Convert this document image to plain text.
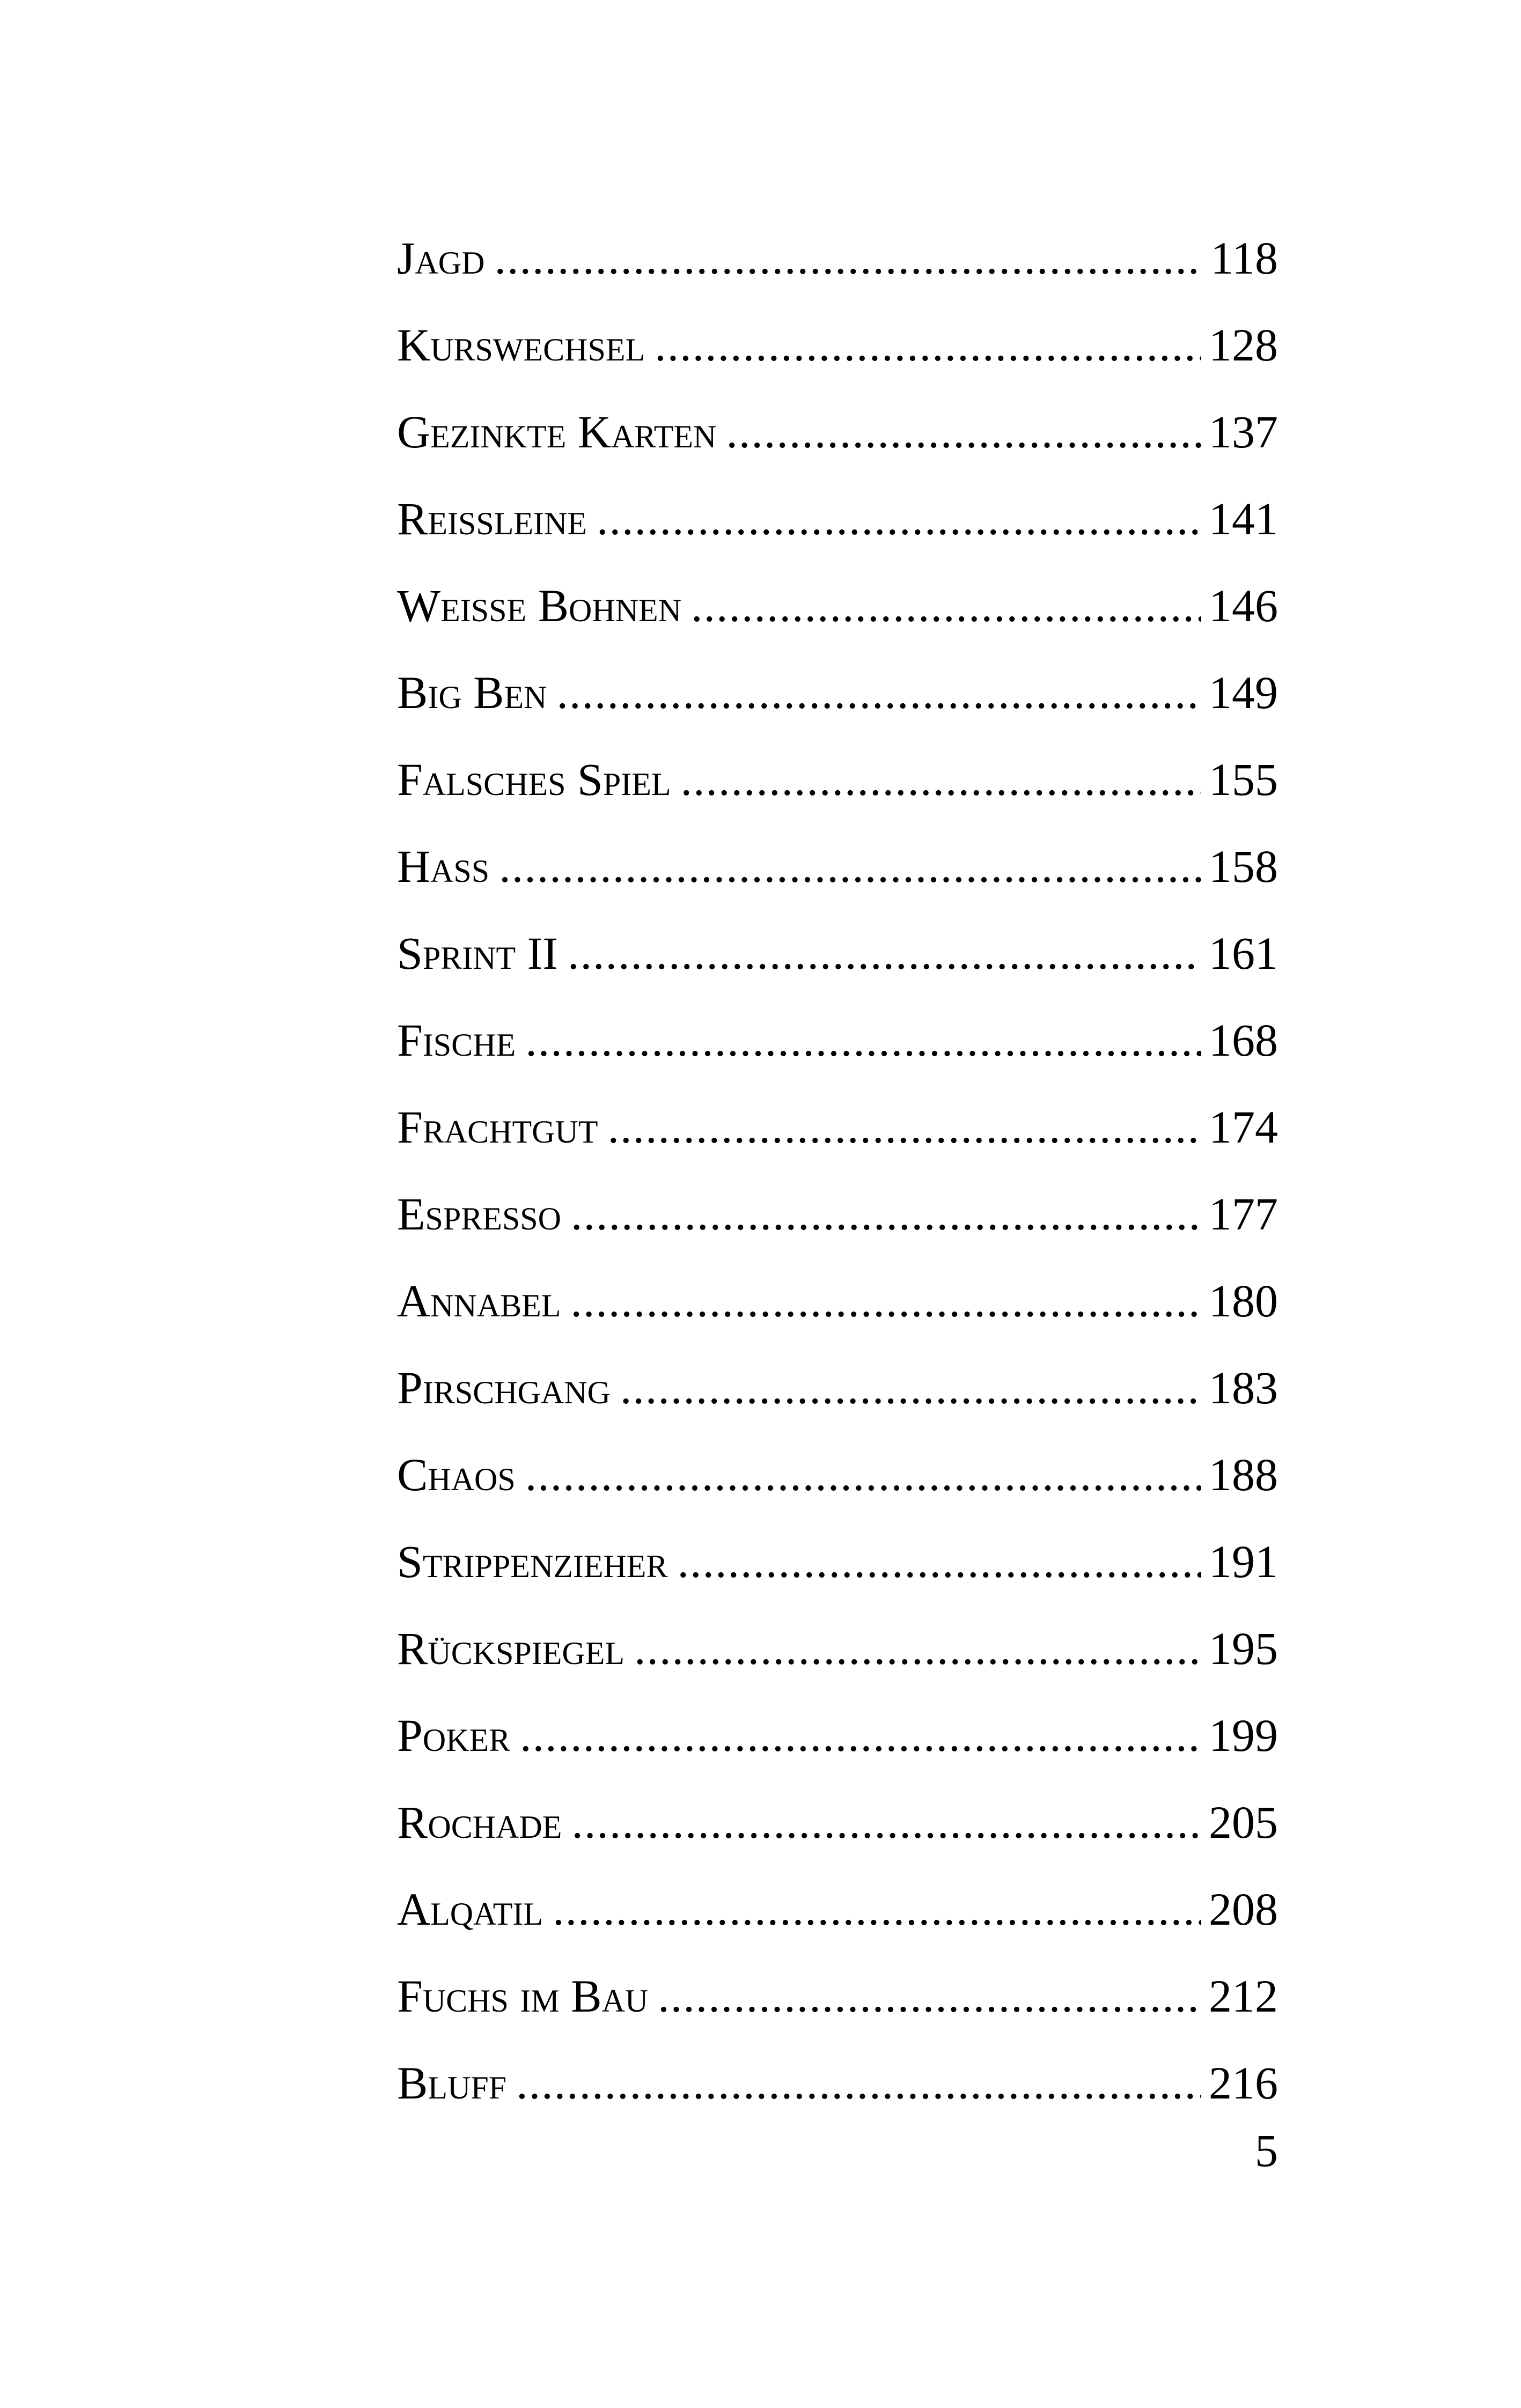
Jagd .....	118
Kurswechsel .....	128
Gezinkte Karten .....	137
Reißleine .....	141
Weiße Bohnen .....	146
Big Ben .....	149
Falsches Spiel .....	155
Hass .....	158
Sprint II .....	161
Fische .....	168
Frachtgut .....	174
Espresso .....	177
Annabel .....	180
Pirschgang .....	183
Chaos .....	188
Strippenzieher .....	191
Rückspiegel .....	195
Poker .....	199
Rochade .....	205
Alqatil .....	208
Fuchs im Bau .....	212
Bluff .....	216
5
